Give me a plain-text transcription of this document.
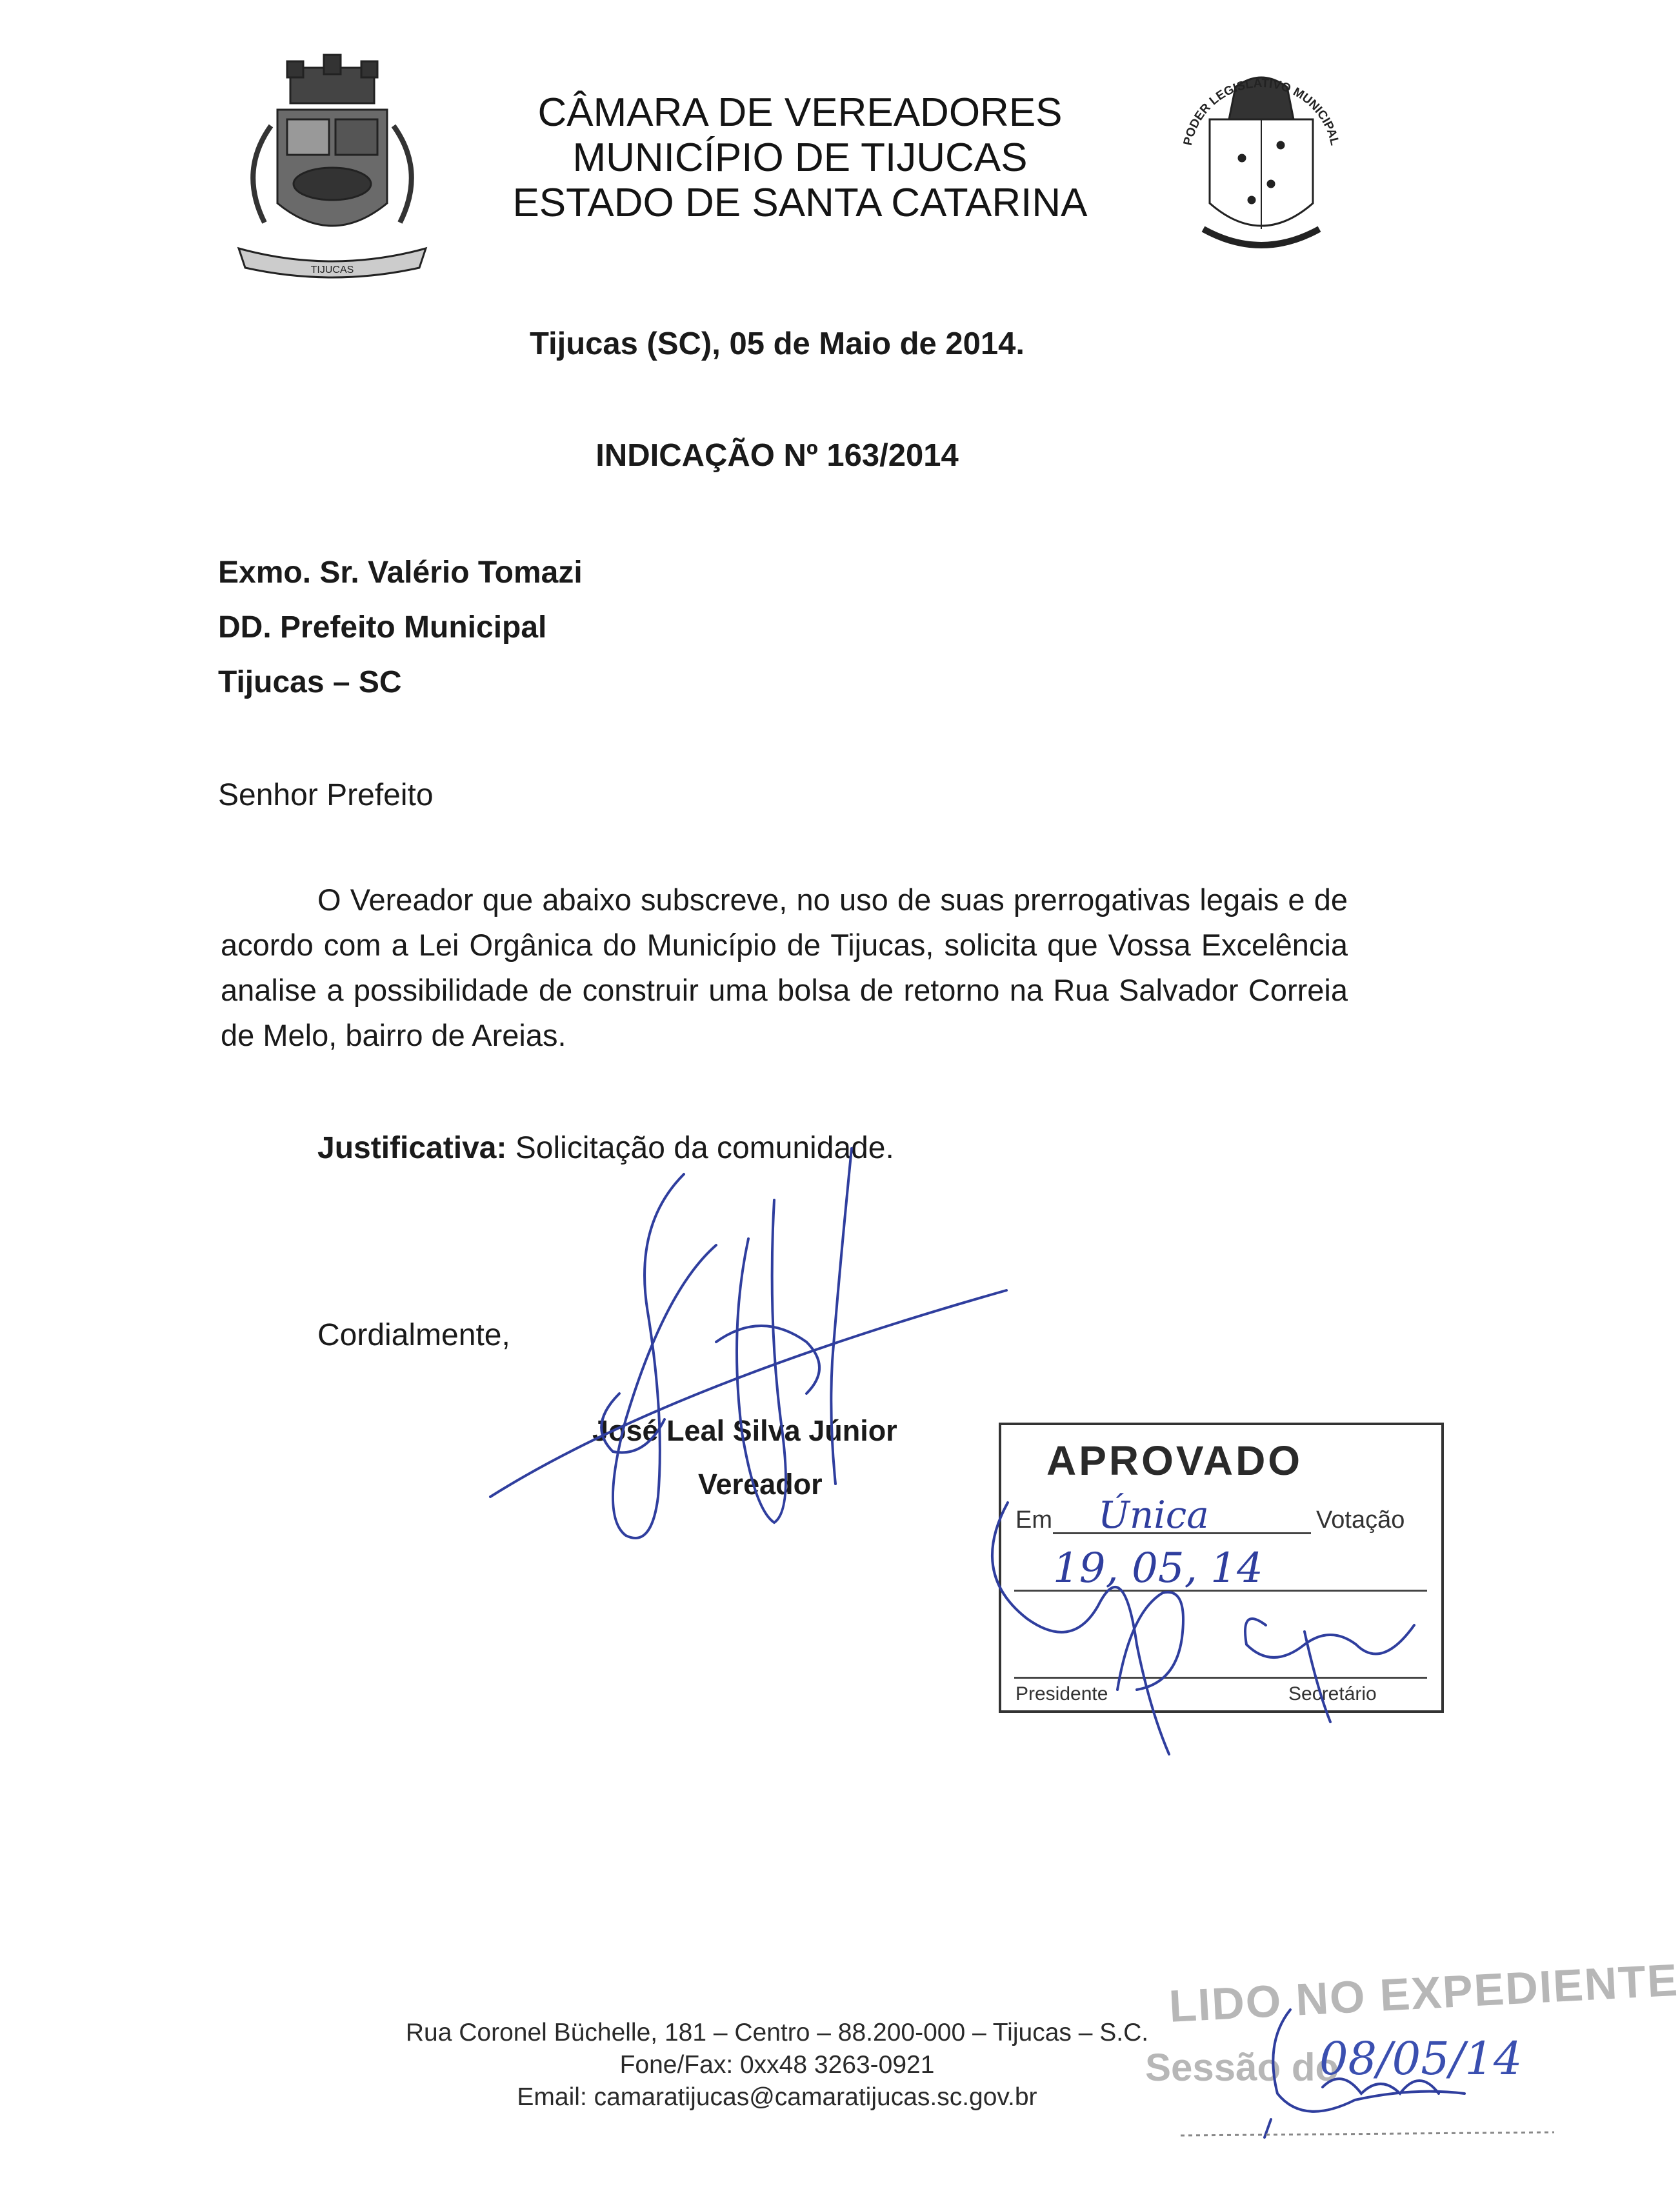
TIJUCAS
CÂMARA DE VEREADORES
MUNICÍPIO DE TIJUCAS
ESTADO DE SANTA CATARINA
PODER LEGISLATIVO MUNICIPAL
Tijucas (SC), 05 de Maio de 2014.
INDICAÇÃO Nº 163/2014
Exmo. Sr. Valério Tomazi
DD. Prefeito Municipal
Tijucas – SC
Senhor Prefeito
O Vereador que abaixo subscreve, no uso de suas prerrogativas legais e de acordo com a Lei Orgânica do Município de Tijucas, solicita que Vossa Excelência analise a possibilidade de construir uma bolsa de retorno na Rua Salvador Correia de Melo, bairro de Areias.
Justificativa: Solicitação da comunidade.
Cordialmente,
José Leal Silva Júnior
Vereador
APROVADO
Em	Votação
Presidente	Secretário
Única
19, 05, 14
Rua Coronel Büchelle, 181 – Centro – 88.200-000 – Tijucas – S.C.
Fone/Fax: 0xx48 3263-0921
Email: camaratijucas@camaratijucas.sc.gov.br
LIDO NO EXPEDIENTE
Sessão do
08/05/14
